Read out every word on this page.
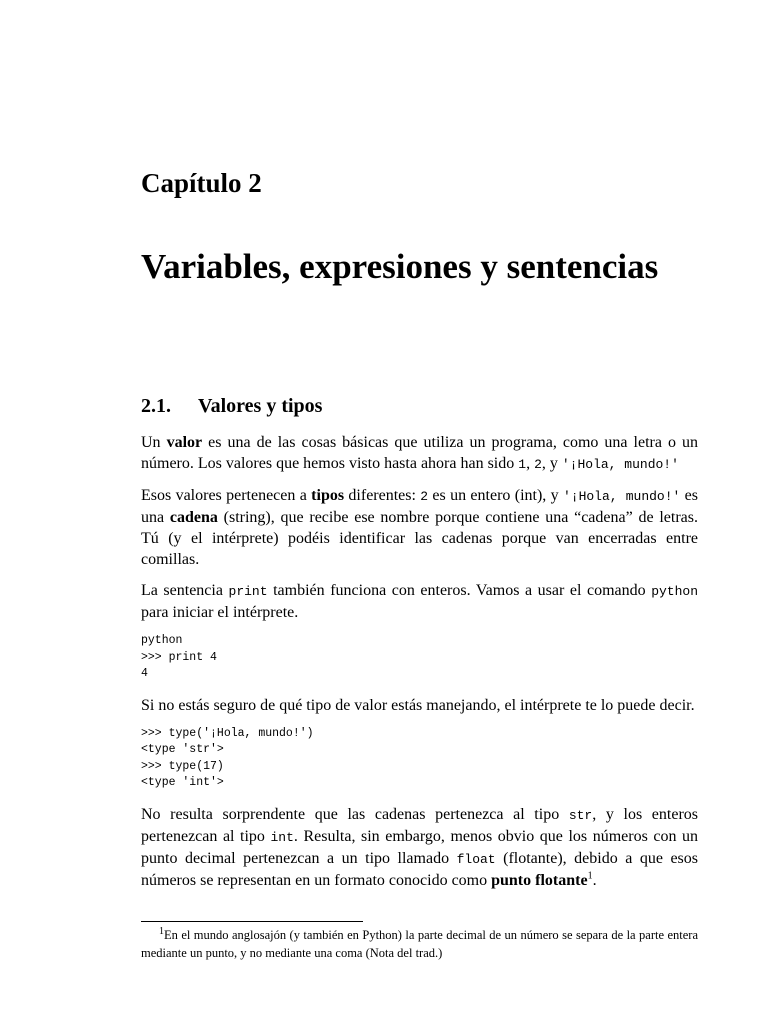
Capítulo 2
Variables, expresiones y sentencias
2.1. Valores y tipos

Un valor es una de las cosas básicas que utiliza un programa, como una letra o un número. Los valores que hemos visto hasta ahora han sido 1, 2, y '¡Hola, mundo!'

Esos valores pertenecen a tipos diferentes: 2 es un entero (int), y '¡Hola, mundo!' es una cadena (string), que recibe ese nombre porque contiene una “cadena” de letras. Tú (y el intérprete) podéis identificar las cadenas porque van encerradas entre comillas.

La sentencia print también funciona con enteros. Vamos a usar el comando python para iniciar el intérprete.

python
>>> print 4
4

Si no estás seguro de qué tipo de valor estás manejando, el intérprete te lo puede decir.

>>> type('¡Hola, mundo!')
<type 'str'>
>>> type(17)
<type 'int'>

No resulta sorprendente que las cadenas pertenezca al tipo str, y los enteros pertenezcan al tipo int. Resulta, sin embargo, menos obvio que los números con un punto decimal pertenezcan a un tipo llamado float (flotante), debido a que esos números se representan en un formato conocido como punto flotante$^1$.

$^1$En el mundo anglosajón (y también en Python) la parte decimal de un número se separa de la parte entera mediante un punto, y no mediante una coma (Nota del trad.)
